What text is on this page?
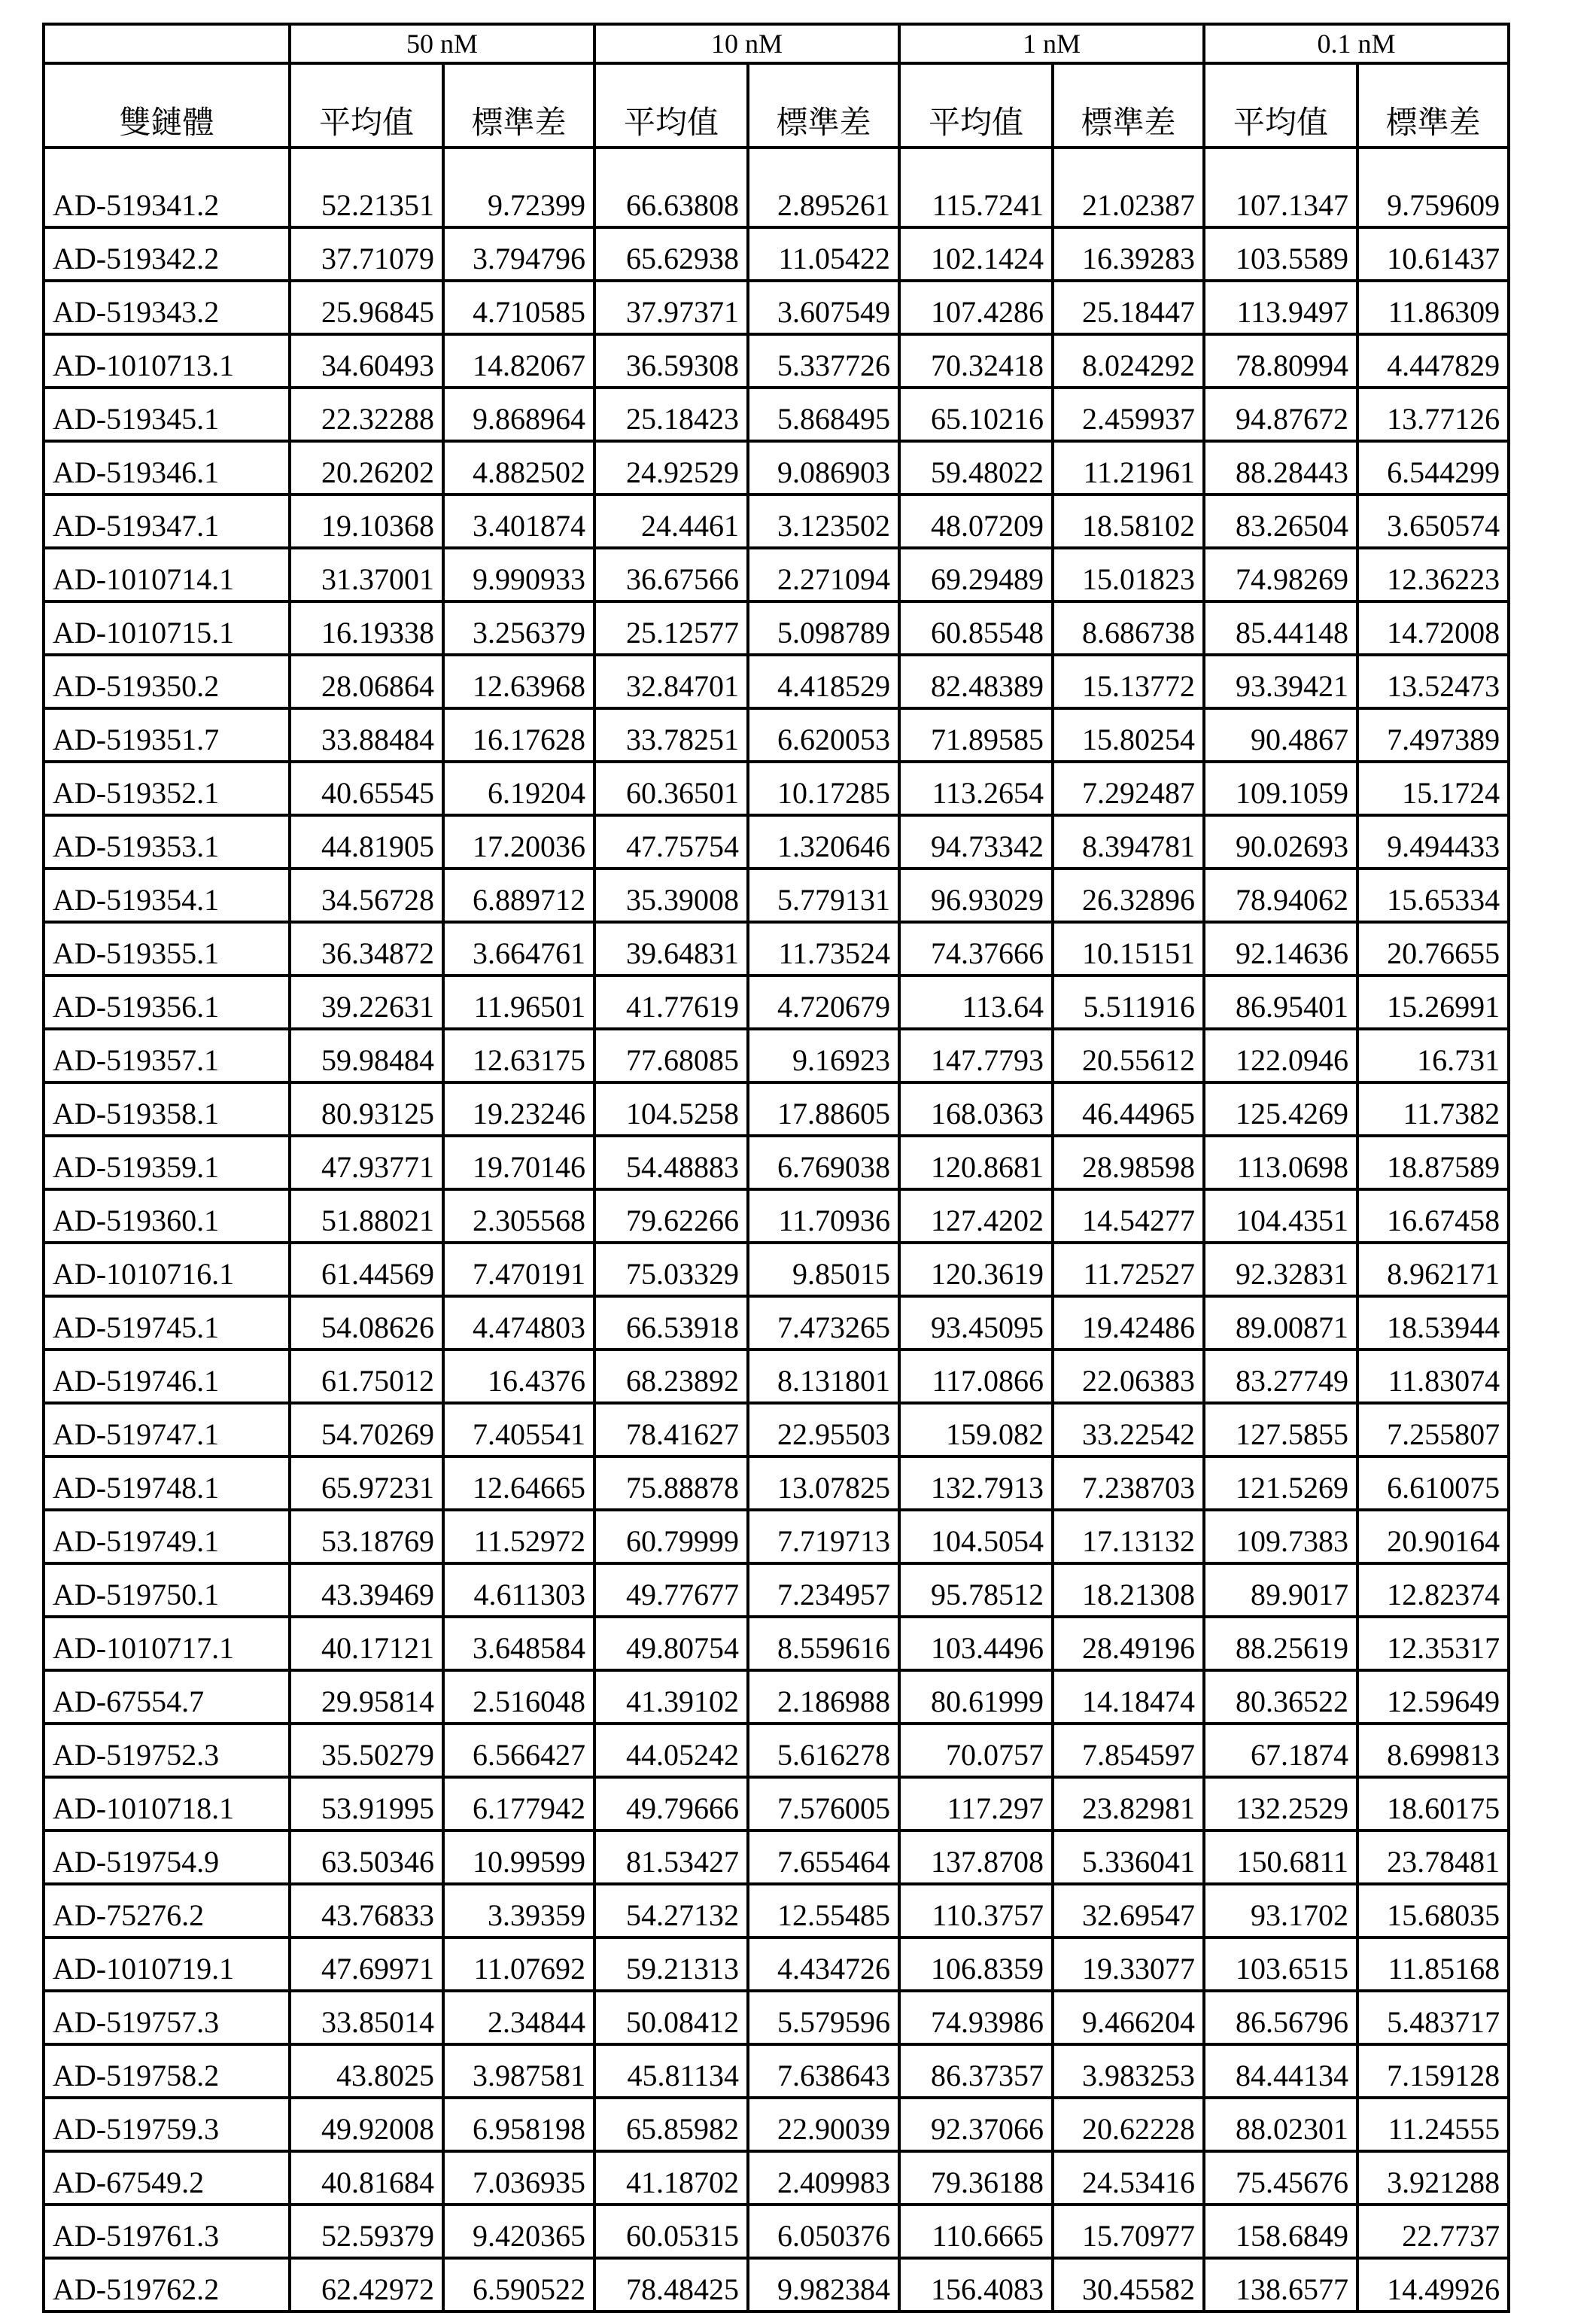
	50 nM		10 nM		1 nM		0.1 nM	
雙鏈體	平均值	標準差	平均值	標準差	平均值	標準差	平均值	標準差
AD-519341.2	52.21351	9.72399	66.63808	2.895261	115.7241	21.02387	107.1347	9.759609
AD-519342.2	37.71079	3.794796	65.62938	11.05422	102.1424	16.39283	103.5589	10.61437
AD-519343.2	25.96845	4.710585	37.97371	3.607549	107.4286	25.18447	113.9497	11.86309
AD-1010713.1	34.60493	14.82067	36.59308	5.337726	70.32418	8.024292	78.80994	4.447829
AD-519345.1	22.32288	9.868964	25.18423	5.868495	65.10216	2.459937	94.87672	13.77126
AD-519346.1	20.26202	4.882502	24.92529	9.086903	59.48022	11.21961	88.28443	6.544299
AD-519347.1	19.10368	3.401874	24.4461	3.123502	48.07209	18.58102	83.26504	3.650574
AD-1010714.1	31.37001	9.990933	36.67566	2.271094	69.29489	15.01823	74.98269	12.36223
AD-1010715.1	16.19338	3.256379	25.12577	5.098789	60.85548	8.686738	85.44148	14.72008
AD-519350.2	28.06864	12.63968	32.84701	4.418529	82.48389	15.13772	93.39421	13.52473
AD-519351.7	33.88484	16.17628	33.78251	6.620053	71.89585	15.80254	90.4867	7.497389
AD-519352.1	40.65545	6.19204	60.36501	10.17285	113.2654	7.292487	109.1059	15.1724
AD-519353.1	44.81905	17.20036	47.75754	1.320646	94.73342	8.394781	90.02693	9.494433
AD-519354.1	34.56728	6.889712	35.39008	5.779131	96.93029	26.32896	78.94062	15.65334
AD-519355.1	36.34872	3.664761	39.64831	11.73524	74.37666	10.15151	92.14636	20.76655
AD-519356.1	39.22631	11.96501	41.77619	4.720679	113.64	5.511916	86.95401	15.26991
AD-519357.1	59.98484	12.63175	77.68085	9.16923	147.7793	20.55612	122.0946	16.731
AD-519358.1	80.93125	19.23246	104.5258	17.88605	168.0363	46.44965	125.4269	11.7382
AD-519359.1	47.93771	19.70146	54.48883	6.769038	120.8681	28.98598	113.0698	18.87589
AD-519360.1	51.88021	2.305568	79.62266	11.70936	127.4202	14.54277	104.4351	16.67458
AD-1010716.1	61.44569	7.470191	75.03329	9.85015	120.3619	11.72527	92.32831	8.962171
AD-519745.1	54.08626	4.474803	66.53918	7.473265	93.45095	19.42486	89.00871	18.53944
AD-519746.1	61.75012	16.4376	68.23892	8.131801	117.0866	22.06383	83.27749	11.83074
AD-519747.1	54.70269	7.405541	78.41627	22.95503	159.082	33.22542	127.5855	7.255807
AD-519748.1	65.97231	12.64665	75.88878	13.07825	132.7913	7.238703	121.5269	6.610075
AD-519749.1	53.18769	11.52972	60.79999	7.719713	104.5054	17.13132	109.7383	20.90164
AD-519750.1	43.39469	4.611303	49.77677	7.234957	95.78512	18.21308	89.9017	12.82374
AD-1010717.1	40.17121	3.648584	49.80754	8.559616	103.4496	28.49196	88.25619	12.35317
AD-67554.7	29.95814	2.516048	41.39102	2.186988	80.61999	14.18474	80.36522	12.59649
AD-519752.3	35.50279	6.566427	44.05242	5.616278	70.0757	7.854597	67.1874	8.699813
AD-1010718.1	53.91995	6.177942	49.79666	7.576005	117.297	23.82981	132.2529	18.60175
AD-519754.9	63.50346	10.99599	81.53427	7.655464	137.8708	5.336041	150.6811	23.78481
AD-75276.2	43.76833	3.39359	54.27132	12.55485	110.3757	32.69547	93.1702	15.68035
AD-1010719.1	47.69971	11.07692	59.21313	4.434726	106.8359	19.33077	103.6515	11.85168
AD-519757.3	33.85014	2.34844	50.08412	5.579596	74.93986	9.466204	86.56796	5.483717
AD-519758.2	43.8025	3.987581	45.81134	7.638643	86.37357	3.983253	84.44134	7.159128
AD-519759.3	49.92008	6.958198	65.85982	22.90039	92.37066	20.62228	88.02301	11.24555
AD-67549.2	40.81684	7.036935	41.18702	2.409983	79.36188	24.53416	75.45676	3.921288
AD-519761.3	52.59379	9.420365	60.05315	6.050376	110.6665	15.70977	158.6849	22.7737
AD-519762.2	62.42972	6.590522	78.48425	9.982384	156.4083	30.45582	138.6577	14.49926
